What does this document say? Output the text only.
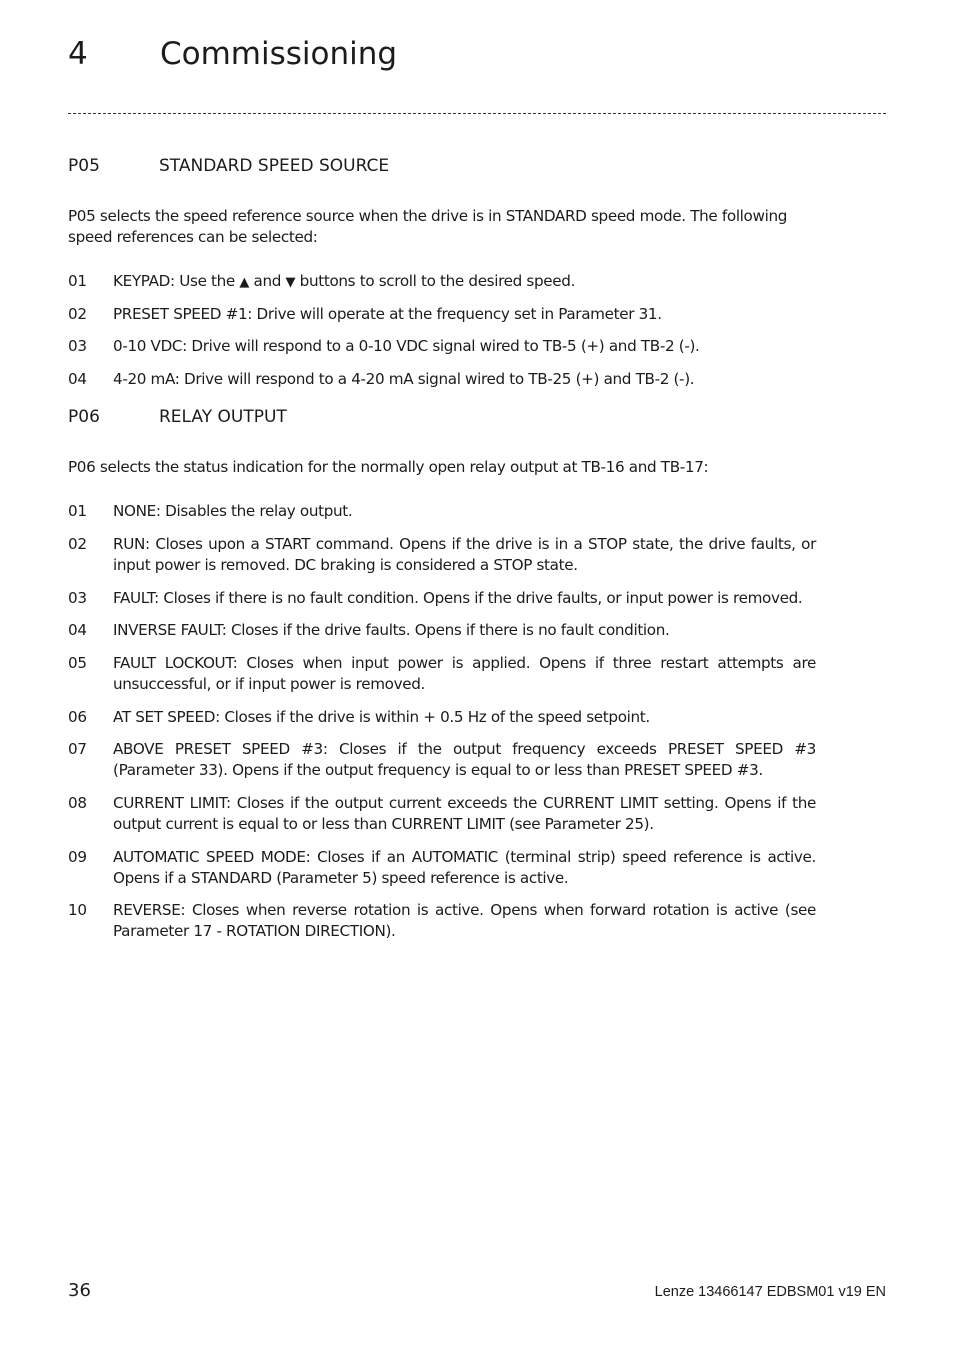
4 Commissioning
P05	STANDARD SPEED SOURCE
P05 selects the speed reference source when the drive is in STANDARD speed mode. The following speed references can be selected:
01 KEYPAD: Use the ▲ and ▼ buttons to scroll to the desired speed.
02 PRESET SPEED #1: Drive will operate at the frequency set in Parameter 31.
03 0-10 VDC: Drive will respond to a 0-10 VDC signal wired to TB-5 (+) and TB-2 (-).
04 4-20 mA: Drive will respond to a 4-20 mA signal wired to TB-25 (+) and TB-2 (-).
P06	RELAY OUTPUT
P06 selects the status indication for the normally open relay output at TB-16 and TB-17:
01 NONE: Disables the relay output.
02 RUN: Closes upon a START command. Opens if the drive is in a STOP state, the drive faults, or input power is removed. DC braking is considered a STOP state.
03 FAULT: Closes if there is no fault condition. Opens if the drive faults, or input power is removed.
04 INVERSE FAULT: Closes if the drive faults. Opens if there is no fault condition.
05 FAULT LOCKOUT: Closes when input power is applied. Opens if three restart attempts are unsuccessful, or if input power is removed.
06 AT SET SPEED: Closes if the drive is within + 0.5 Hz of the speed setpoint.
07 ABOVE PRESET SPEED #3: Closes if the output frequency exceeds PRESET SPEED #3 (Parameter 33). Opens if the output frequency is equal to or less than PRESET SPEED #3.
08 CURRENT LIMIT: Closes if the output current exceeds the CURRENT LIMIT setting. Opens if the output current is equal to or less than CURRENT LIMIT (see Parameter 25).
09 AUTOMATIC SPEED MODE: Closes if an AUTOMATIC (terminal strip) speed reference is active. Opens if a STANDARD (Parameter 5) speed reference is active.
10 REVERSE: Closes when reverse rotation is active. Opens when forward rotation is active (see Parameter 17 - ROTATION DIRECTION).
36	Lenze 13466147 EDBSM01 v19 EN
